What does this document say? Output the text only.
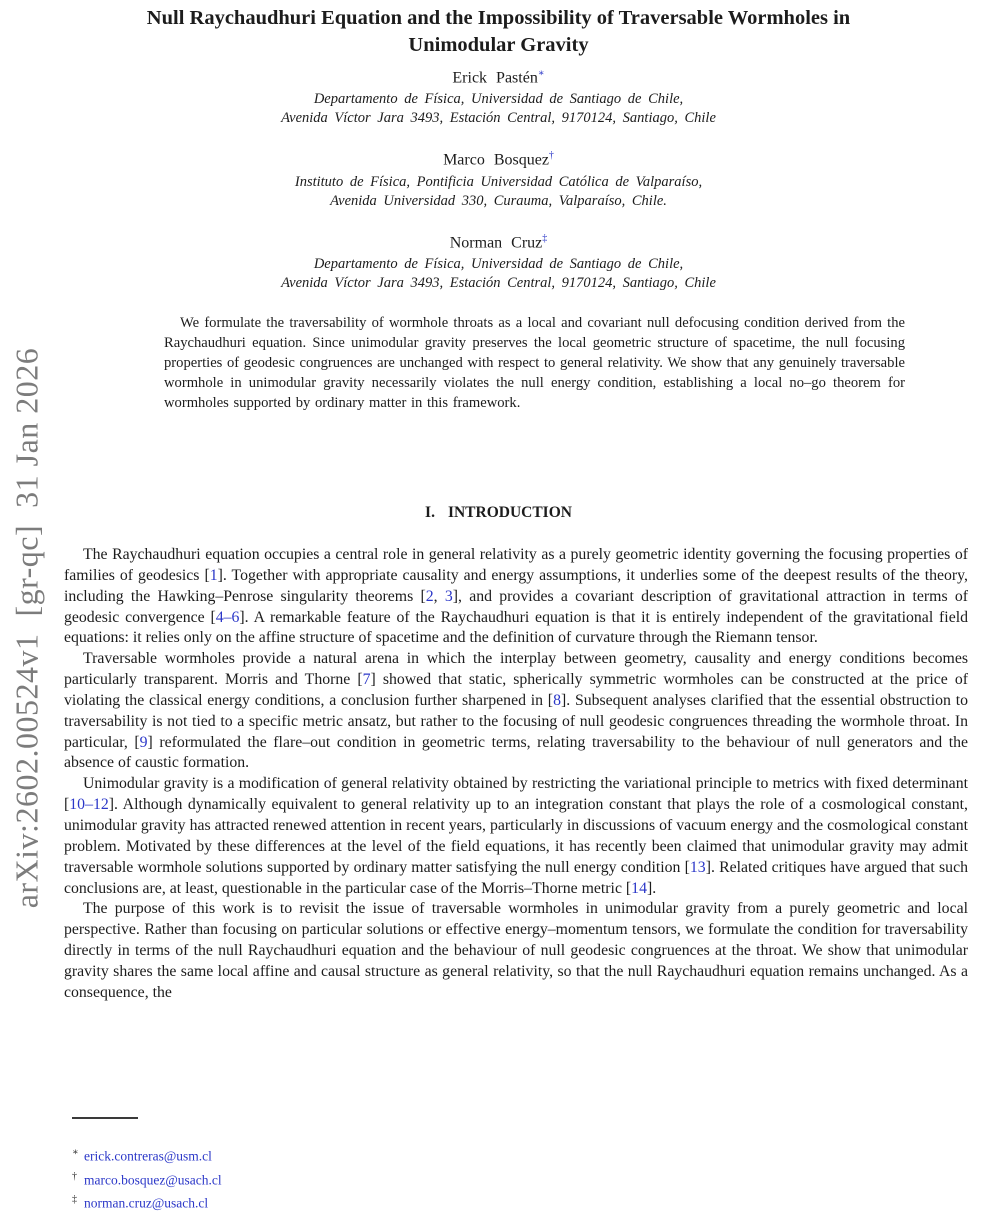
arXiv:2602.00524v1  [gr-qc]  31 Jan 2026
Null Raychaudhuri Equation and the Impossibility of Traversable Wormholes in
Unimodular Gravity
Erick Pastén∗
Departamento de Física, Universidad de Santiago de Chile,
Avenida Víctor Jara 3493, Estación Central, 9170124, Santiago, Chile
Marco Bosquez†
Instituto de Física, Pontificia Universidad Católica de Valparaíso,
Avenida Universidad 330, Curauma, Valparaíso, Chile.
Norman Cruz‡
Departamento de Física, Universidad de Santiago de Chile,
Avenida Víctor Jara 3493, Estación Central, 9170124, Santiago, Chile
We formulate the traversability of wormhole throats as a local and covariant null defocusing condition derived from the Raychaudhuri equation. Since unimodular gravity preserves the local geometric structure of spacetime, the null focusing properties of geodesic congruences are unchanged with respect to general relativity. We show that any genuinely traversable wormhole in unimodular gravity necessarily violates the null energy condition, establishing a local no–go theorem for wormholes supported by ordinary matter in this framework.
I. INTRODUCTION

The Raychaudhuri equation occupies a central role in general relativity as a purely geometric identity governing the focusing properties of families of geodesics [1]. Together with appropriate causality and energy assumptions, it underlies some of the deepest results of the theory, including the Hawking–Penrose singularity theorems [2, 3], and provides a covariant description of gravitational attraction in terms of geodesic convergence [4–6]. A remarkable feature of the Raychaudhuri equation is that it is entirely independent of the gravitational field equations: it relies only on the affine structure of spacetime and the definition of curvature through the Riemann tensor.

Traversable wormholes provide a natural arena in which the interplay between geometry, causality and energy conditions becomes particularly transparent. Morris and Thorne [7] showed that static, spherically symmetric wormholes can be constructed at the price of violating the classical energy conditions, a conclusion further sharpened in [8]. Subsequent analyses clarified that the essential obstruction to traversability is not tied to a specific metric ansatz, but rather to the focusing of null geodesic congruences threading the wormhole throat. In particular, [9] reformulated the flare–out condition in geometric terms, relating traversability to the behaviour of null generators and the absence of caustic formation.

Unimodular gravity is a modification of general relativity obtained by restricting the variational principle to metrics with fixed determinant [10–12]. Although dynamically equivalent to general relativity up to an integration constant that plays the role of a cosmological constant, unimodular gravity has attracted renewed attention in recent years, particularly in discussions of vacuum energy and the cosmological constant problem. Motivated by these differences at the level of the field equations, it has recently been claimed that unimodular gravity may admit traversable wormhole solutions supported by ordinary matter satisfying the null energy condition [13]. Related critiques have argued that such conclusions are, at least, questionable in the particular case of the Morris–Thorne metric [14].

The purpose of this work is to revisit the issue of traversable wormholes in unimodular gravity from a purely geometric and local perspective. Rather than focusing on particular solutions or effective energy–momentum tensors, we formulate the condition for traversability directly in terms of the null Raychaudhuri equation and the behaviour of null geodesic congruences at the throat. We show that unimodular gravity shares the same local affine and causal structure as general relativity, so that the null Raychaudhuri equation remains unchanged. As a consequence, the

∗ erick.contreras@usm.cl
† marco.bosquez@usach.cl
‡ norman.cruz@usach.cl
